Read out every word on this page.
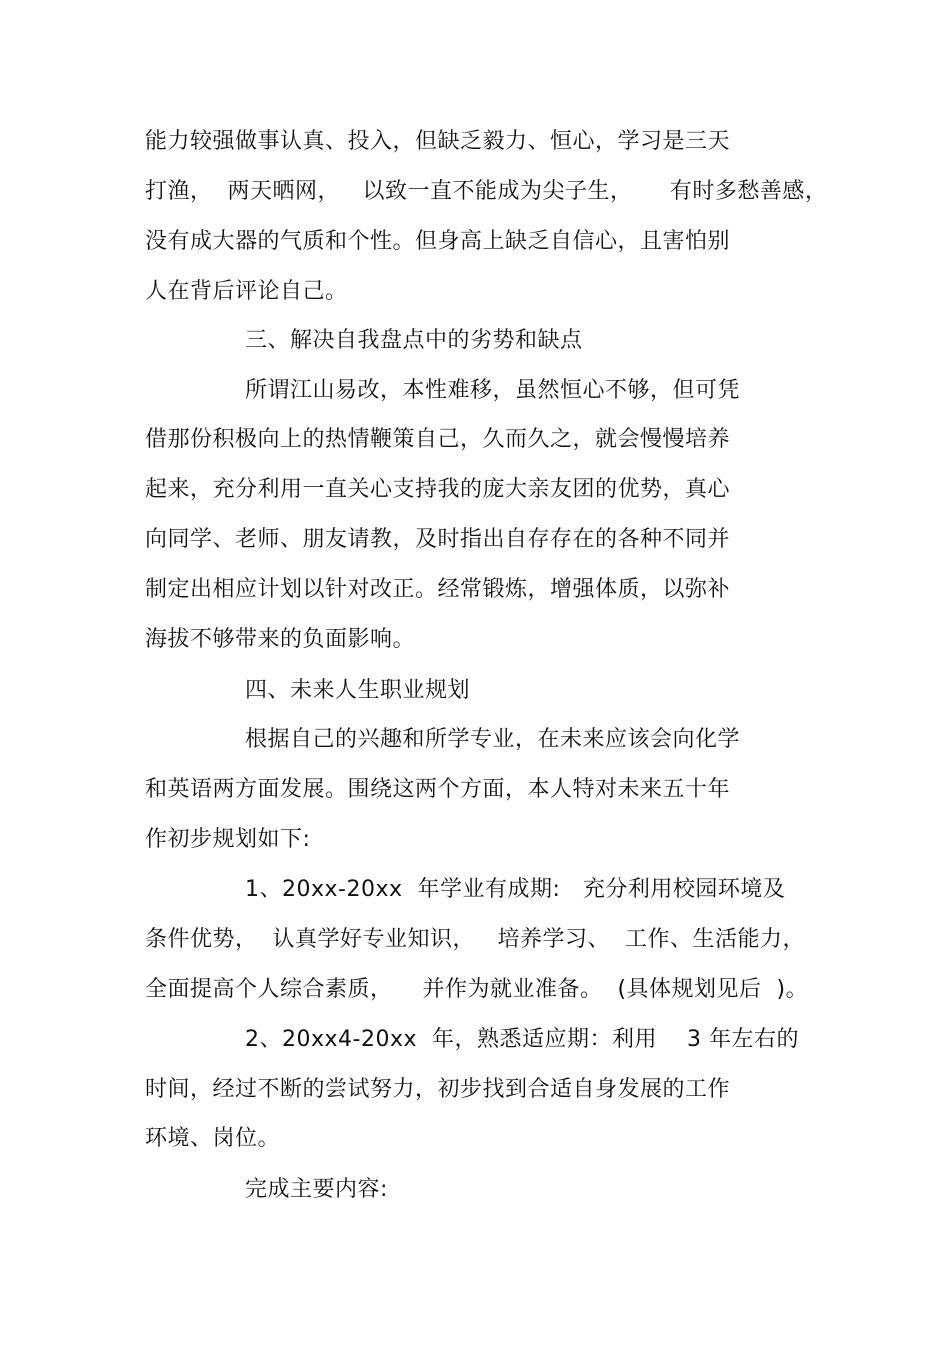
能力较强做事认真、投入，但缺乏毅力、恒心，学习是三天
打渔，  两天晒网，   以致一直不能成为尖子生，     有时多愁善感，
没有成大器的气质和个性。但身高上缺乏自信心，且害怕别
人在背后评论自己。
三、解决自我盘点中的劣势和缺点
所谓江山易改，本性难移，虽然恒心不够，但可凭
借那份积极向上的热情鞭策自己，久而久之，就会慢慢培养
起来，充分利用一直关心支持我的庞大亲友团的优势，真心
向同学、老师、朋友请教，及时指出自存存在的各种不同并
制定出相应计划以针对改正。经常锻炼，增强体质，以弥补
海拔不够带来的负面影响。
四、未来人生职业规划
根据自己的兴趣和所学专业，在未来应该会向化学
和英语两方面发展。围绕这两个方面，本人特对未来五十年
作初步规划如下:
1、20xx-20xx  年学业有成期:   充分利用校园环境及
条件优势，  认真学好专业知识，   培养学习、  工作、生活能力，
全面提高个人综合素质，    并作为就业准备。  (具体规划见后  )。
2、20xx4-20xx  年，熟悉适应期：利用    3 年左右的
时间，经过不断的尝试努力，初步找到合适自身发展的工作
环境、岗位。
完成主要内容:
